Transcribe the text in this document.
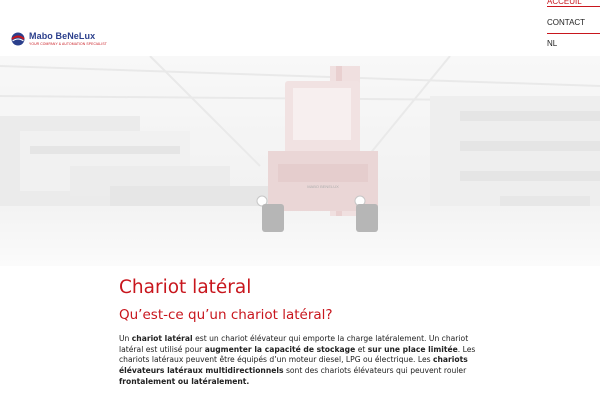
Mabo BeNeLux
YOUR COMPANY & AUTOMATION SPECIALIST
ACCEUIL
CONTACT
NL
MABO BENELUX
Chariot latéral
Qu’est-ce qu’un chariot latéral?

Un chariot latéral est un chariot élévateur qui emporte la charge latéralement. Un chariot latéral est utilisé pour augmenter la capacité de stockage et sur une place limitée. Les chariots latéraux peuvent être équipés d’un moteur diesel, LPG ou électrique. Les chariots élévateurs latéraux multidirectionnels sont des chariots élévateurs qui peuvent rouler frontalement ou latéralement.
